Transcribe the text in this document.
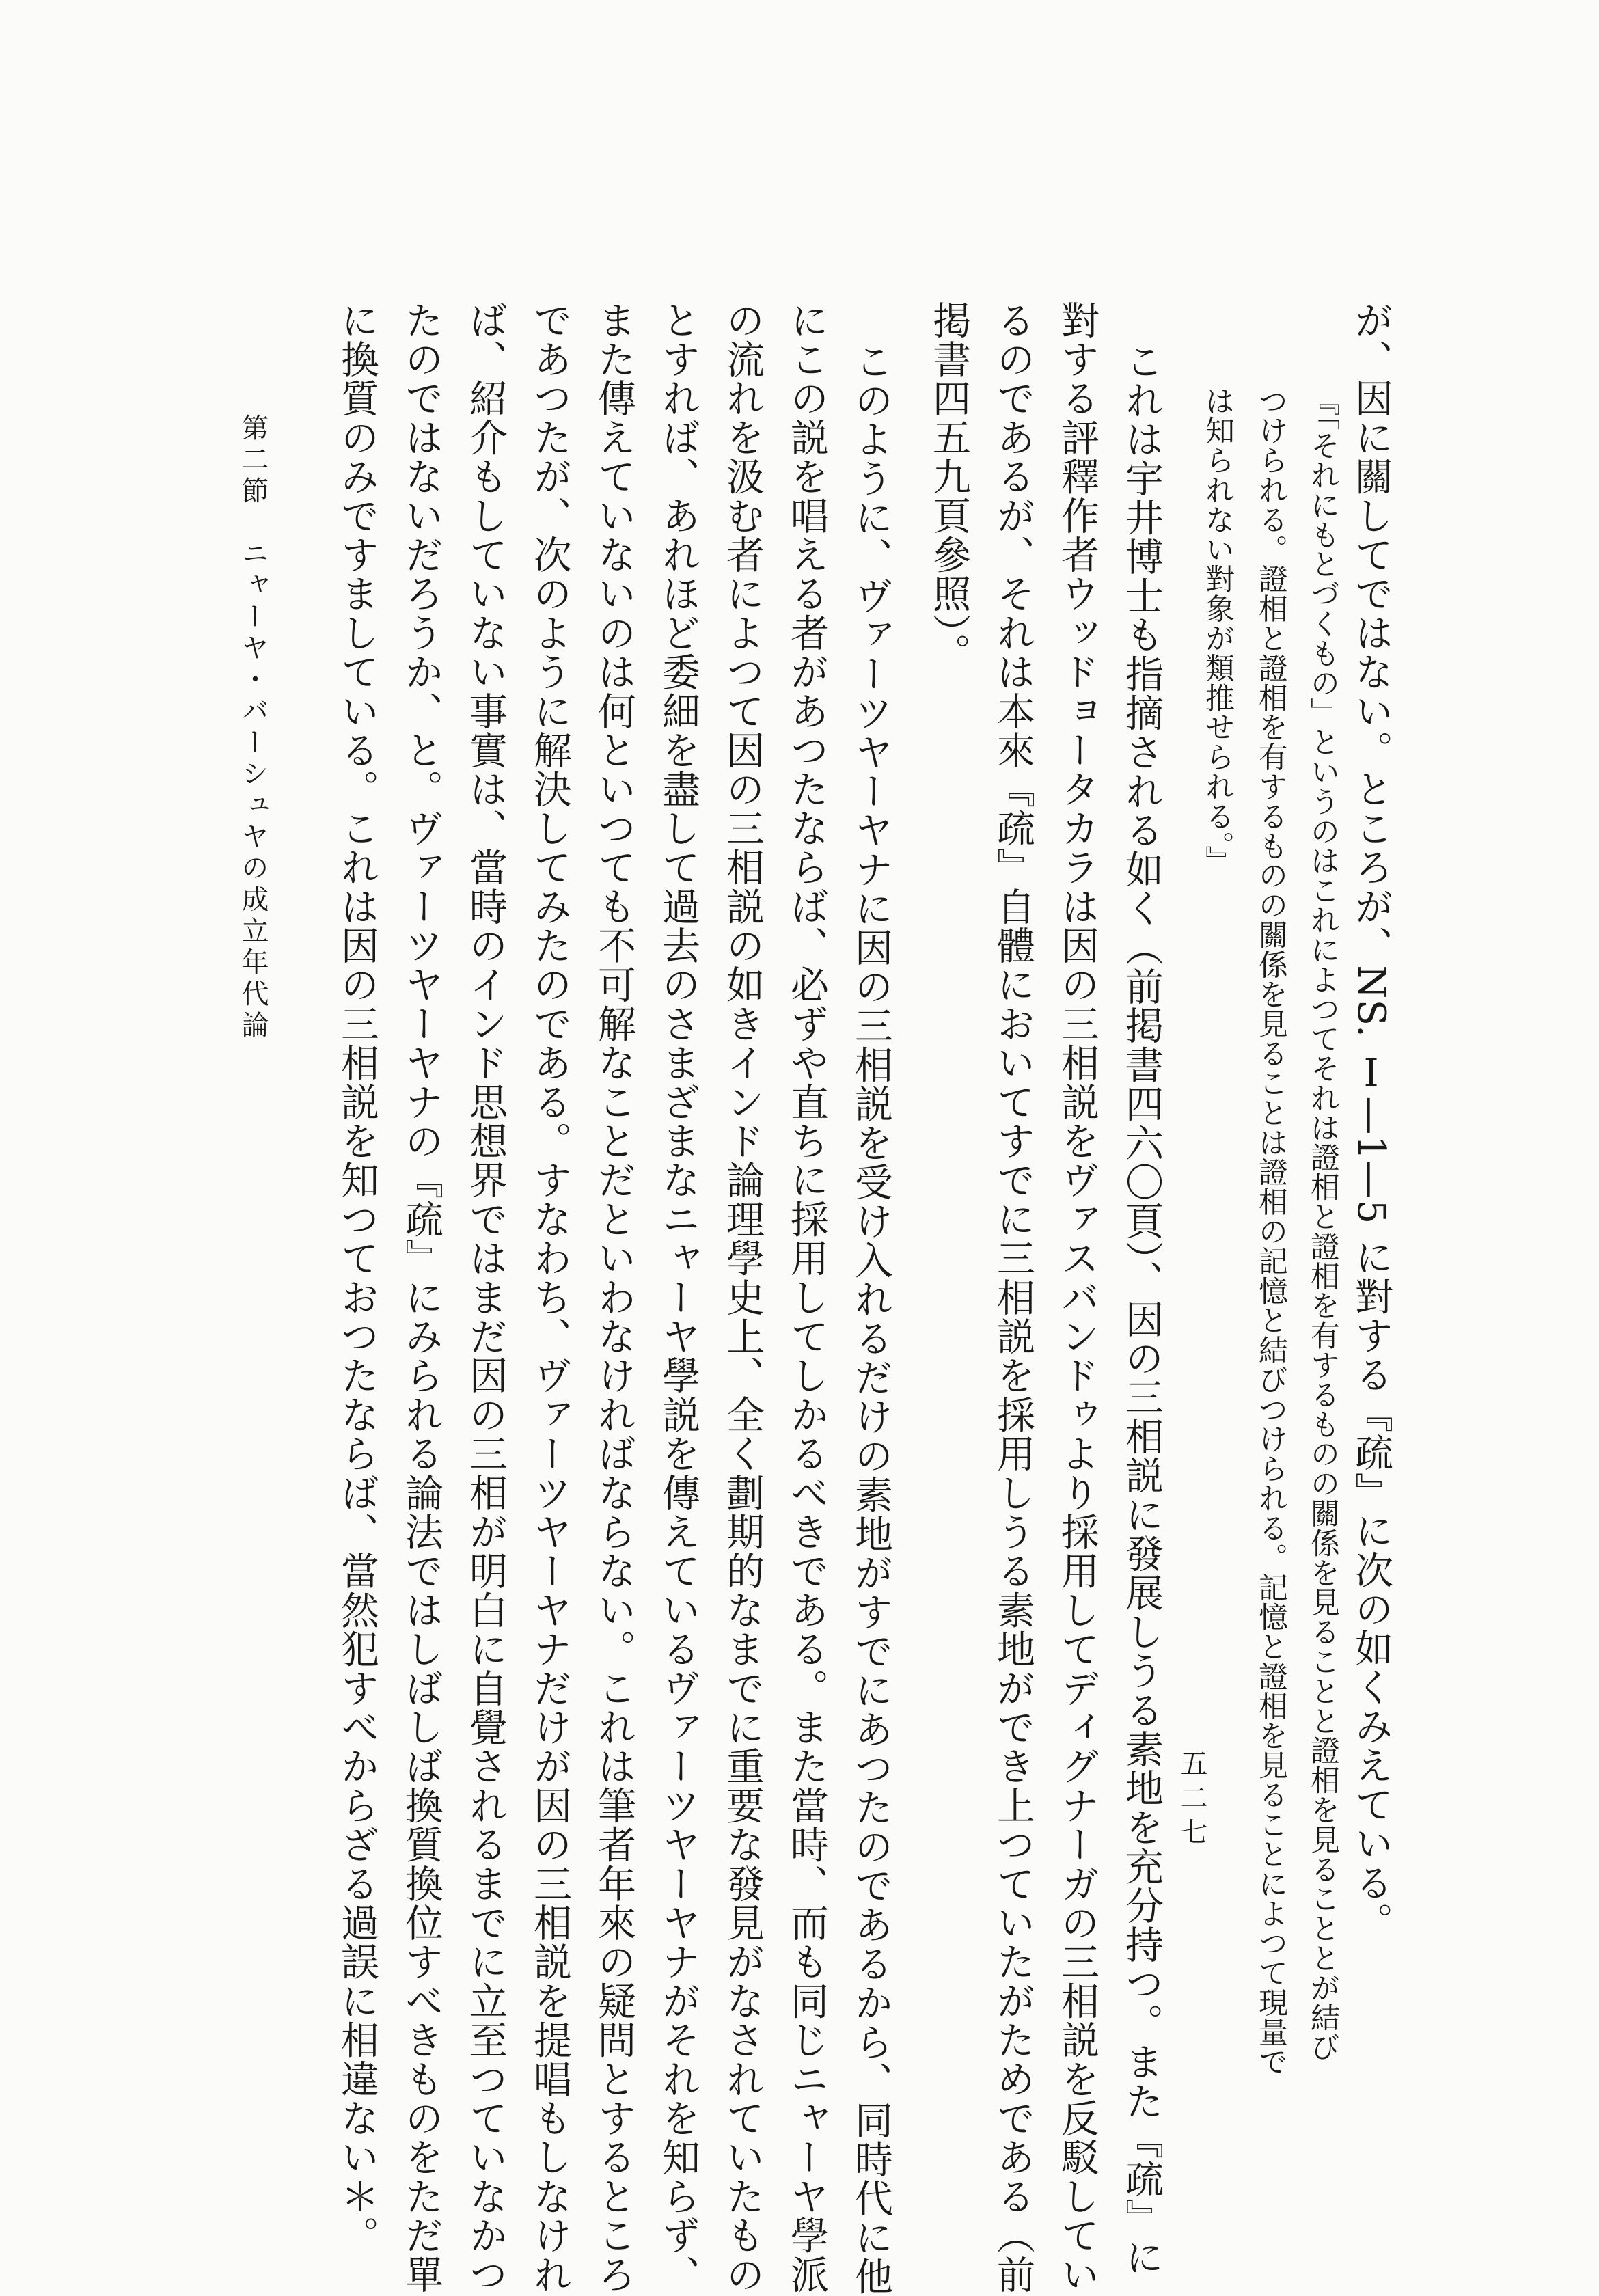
が、因に關してではない。ところが、NS. Ⅰ—1—5 に對する『疏』に次の如くみえている。
『「それにもとづくもの」というのはこれによつてそれは證相と證相を有するものの關係を見ることと證相を見ることとが結び
つけられる。證相と證相を有するものの關係を見ることは證相の記憶と結びつけられる。記憶と證相を見ることによつて現量で
は知られない對象が類推せられる。』
これは宇井博士も指摘される如く（前掲書四六〇頁）、因の三相説に發展しうる素地を充分持つ。また『疏』に
對する評釋作者ウッドョータカラは因の三相説をヴァスバンドゥより採用してディグナーガの三相説を反駁してい
るのであるが、それは本來『疏』自體においてすでに三相説を採用しうる素地ができ上つていたがためである（前
掲書四五九頁參照）。
このように、ヴァーツヤーヤナに因の三相説を受け入れるだけの素地がすでにあつたのであるから、同時代に他
にこの説を唱える者があつたならば、必ずや直ちに採用してしかるべきである。また當時、而も同じニャーヤ學派
の流れを汲む者によつて因の三相説の如きインド論理學史上、全く劃期的なまでに重要な發見がなされていたもの
とすれば、あれほど委細を盡して過去のさまざまなニャーヤ學説を傳えているヴァーツヤーヤナがそれを知らず、
また傳えていないのは何といつても不可解なことだといわなければならない。これは筆者年來の疑問とするところ
であつたが、次のように解決してみたのである。すなわち、ヴァーツヤーヤナだけが因の三相説を提唱もしなけれ
ば、紹介もしていない事實は、當時のインド思想界ではまだ因の三相が明白に自覺されるまでに立至つていなかつ
たのではないだろうか、と。ヴァーツヤーヤナの『疏』にみられる論法ではしばしば換質換位すべきものをただ單
に換質のみですましている。これは因の三相説を知つておつたならば、當然犯すべからざる過誤に相違ない＊。
第二節　ニャーヤ・バーシュヤの成立年代論
五二七
